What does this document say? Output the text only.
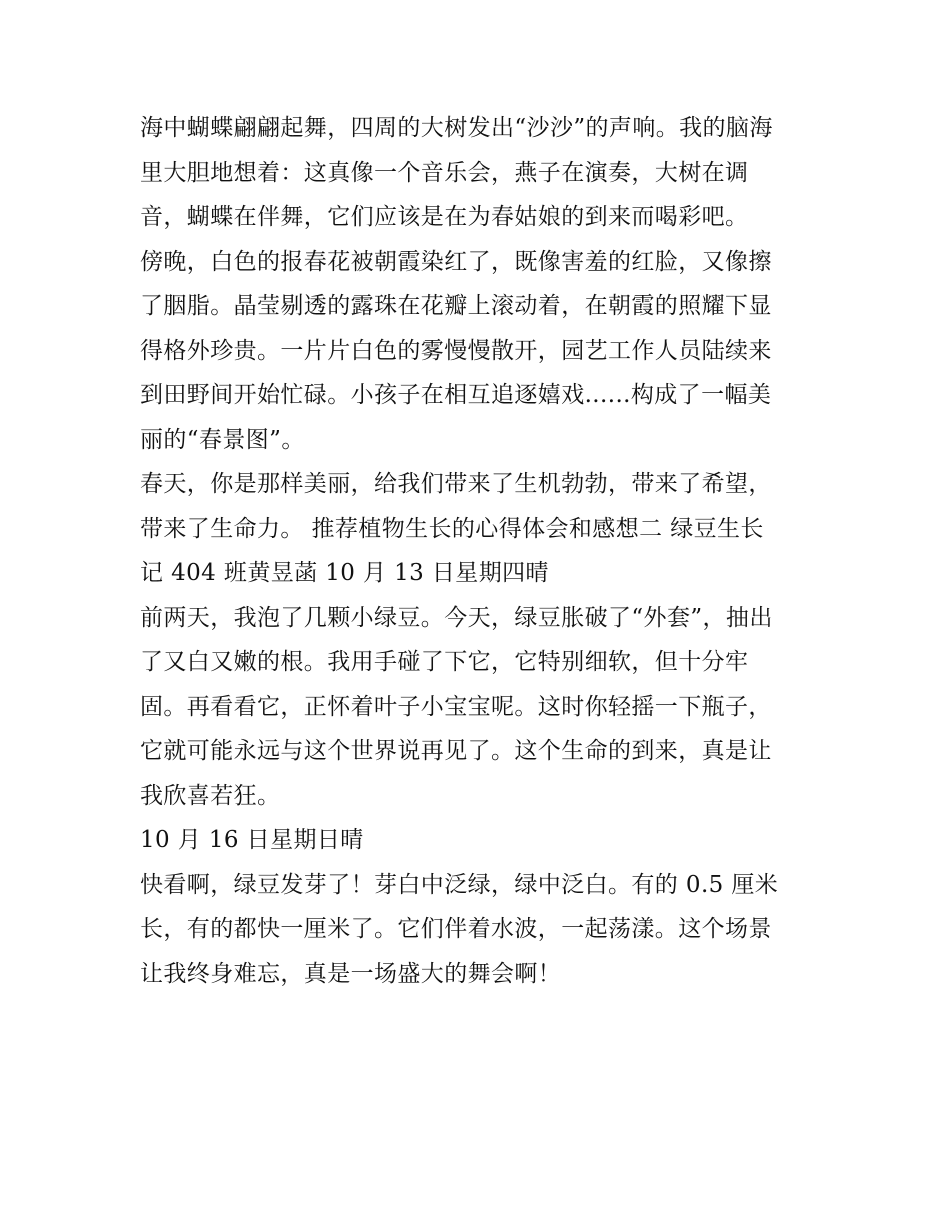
海中蝴蝶翩翩起舞，四周的大树发出“沙沙”的声响。我的脑海
里大胆地想着：这真像一个音乐会，燕子在演奏，大树在调
音，蝴蝶在伴舞，它们应该是在为春姑娘的到来而喝彩吧。
傍晚，白色的报春花被朝霞染红了，既像害羞的红脸，又像擦
了胭脂。晶莹剔透的露珠在花瓣上滚动着，在朝霞的照耀下显
得格外珍贵。一片片白色的雾慢慢散开，园艺工作人员陆续来
到田野间开始忙碌。小孩子在相互追逐嬉戏......构成了一幅美
丽的“春景图”。
春天，你是那样美丽，给我们带来了生机勃勃，带来了希望，
带来了生命力。 推荐植物生长的心得体会和感想二 绿豆生长
记 404 班黄昱菡 10 月 13 日星期四晴
前两天，我泡了几颗小绿豆。今天，绿豆胀破了“外套”，抽出
了又白又嫩的根。我用手碰了下它，它特别细软，但十分牢
固。再看看它，正怀着叶子小宝宝呢。这时你轻摇一下瓶子，
它就可能永远与这个世界说再见了。这个生命的到来，真是让
我欣喜若狂。
10 月 16 日星期日晴
快看啊，绿豆发芽了！芽白中泛绿，绿中泛白。有的 0.5 厘米
长，有的都快一厘米了。它们伴着水波，一起荡漾。这个场景
让我终身难忘，真是一场盛大的舞会啊！
